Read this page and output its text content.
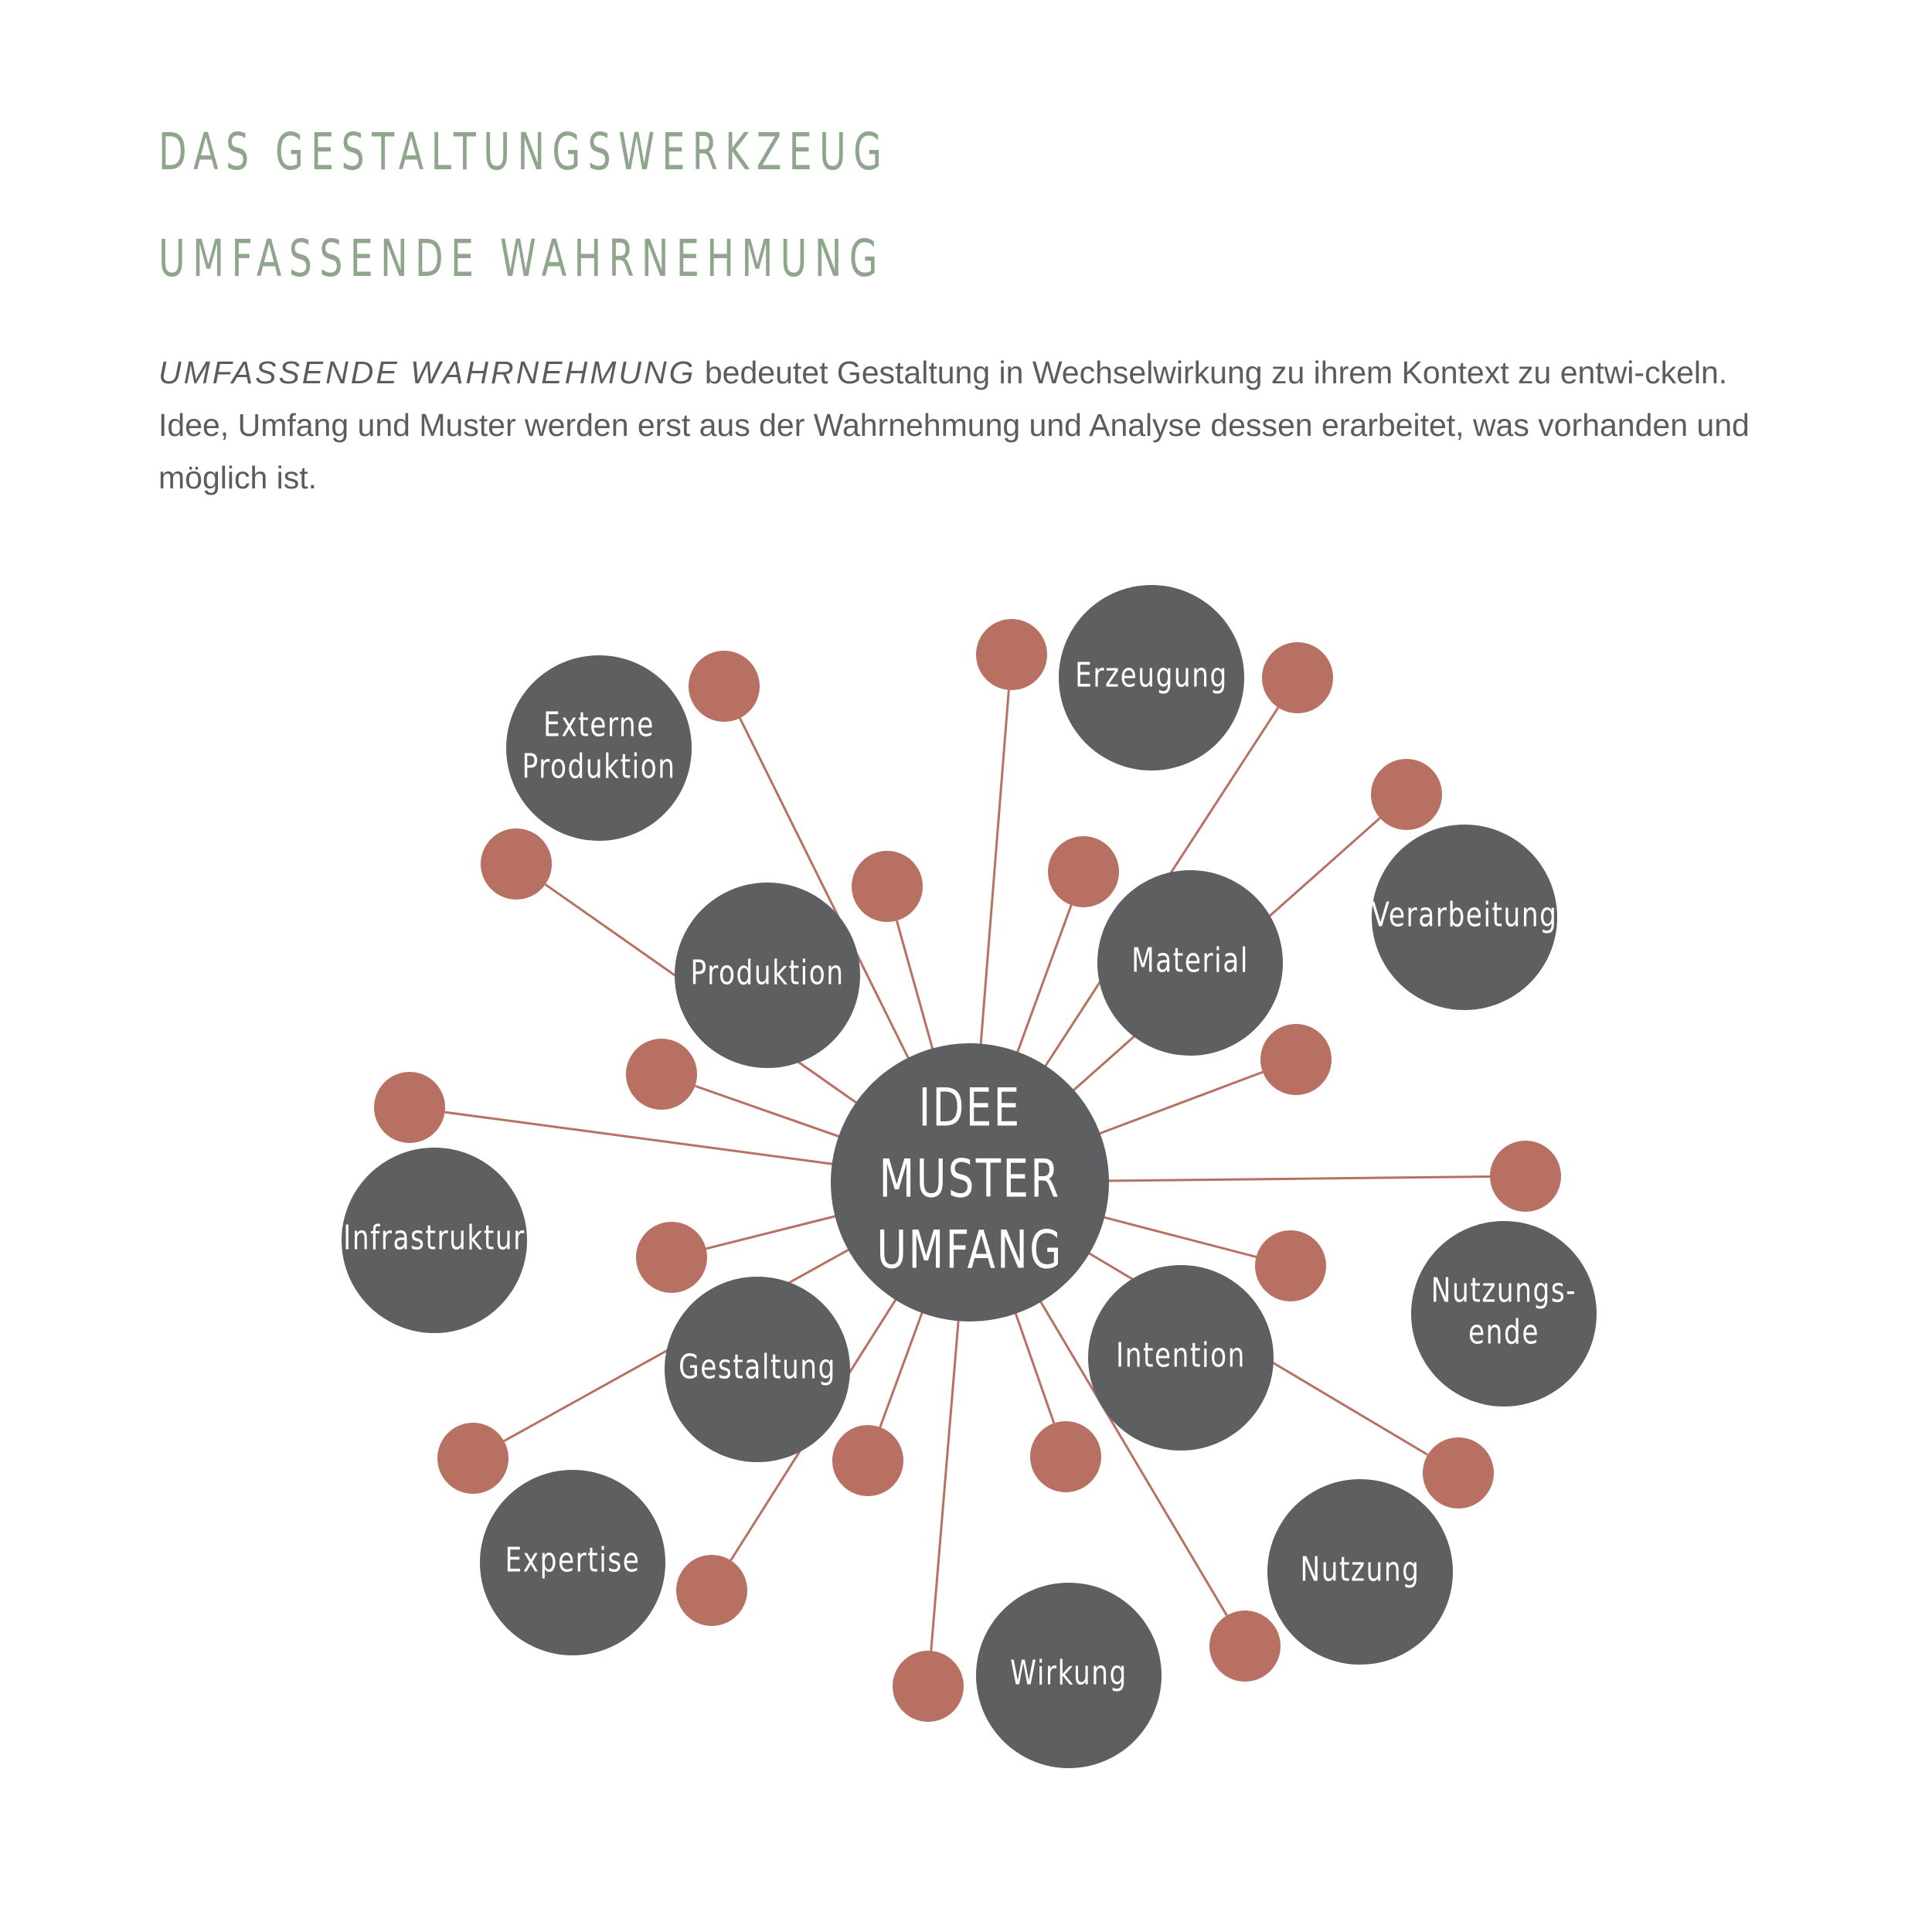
DAS GESTALTUNGSWERKZEUG
UMFASSENDE WAHRNEHMUNG

UMFASSENDE WAHRNEHMUNG bedeutet Gestaltung in Wechselwirkung zu ihrem Kontext zu entwi-ckeln. Idee, Umfang und Muster werden erst aus der Wahrnehmung und Analyse dessen erarbeitet, was vorhanden und möglich ist.

Externe
Produktion
Erzeugung
Produktion	Material
Verarbeitung
Infrastruktur
Nutzungs-
ende
Gestaltung	Intention
Expertise	Nutzung
Wirkung
IDEE
MUSTER
UMFANG
